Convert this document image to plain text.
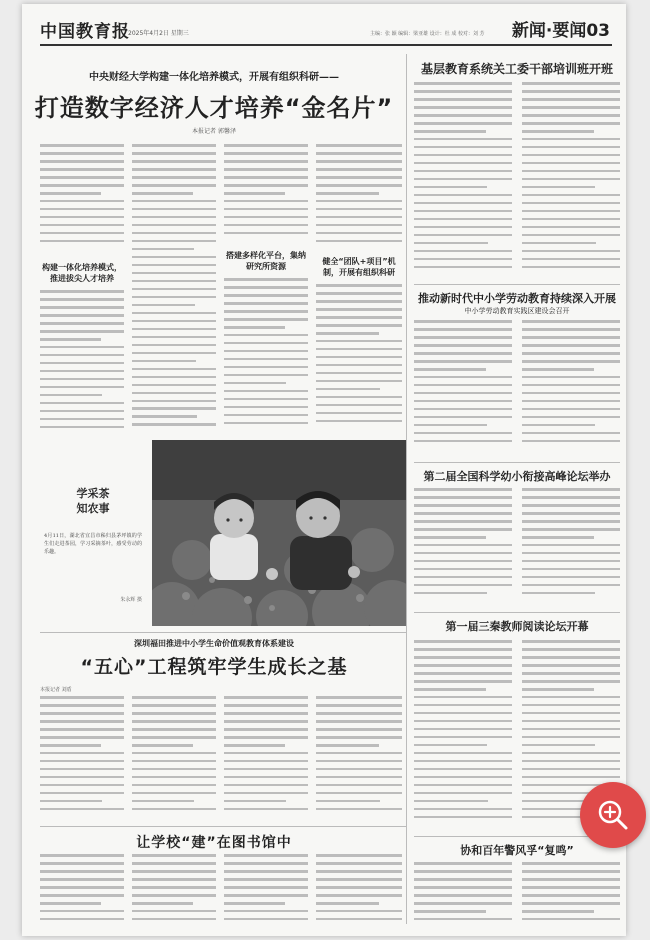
中国教育报
2025年4月2日 星期三	主编：张 颖 编辑：梁亚雄 设计：杜 成 校对：刘 芳 新闻·要闻03
中央财经大学构建一体化培养模式，开展有组织科研——
打造数字经济人才培养“金名片”
本报记者 郭馨泽
构建一体化培养模式，推进拔尖人才培养
搭建多样化平台，集纳研究所资源
健全“团队+项目”机制，开展有组织科研
学采茶
知农事
4月11日，湖北省宜昌市秭归县茅坪镇的学生们走进茶园，学习采摘茶叶，感受劳动的乐趣。
朱永辉 摄
深圳福田推进中小学生命价值观教育体系建设
“五心”工程筑牢学生成长之基
本报记者 刘盾
让学校“建”在图书馆中
基层教育系统关工委干部培训班开班
推动新时代中小学劳动教育持续深入开展
中小学劳动教育实践区建设会召开
第二届全国科学幼小衔接高峰论坛举办
第一届三秦教师阅读论坛开幕
协和百年警风孚“复鸣”
